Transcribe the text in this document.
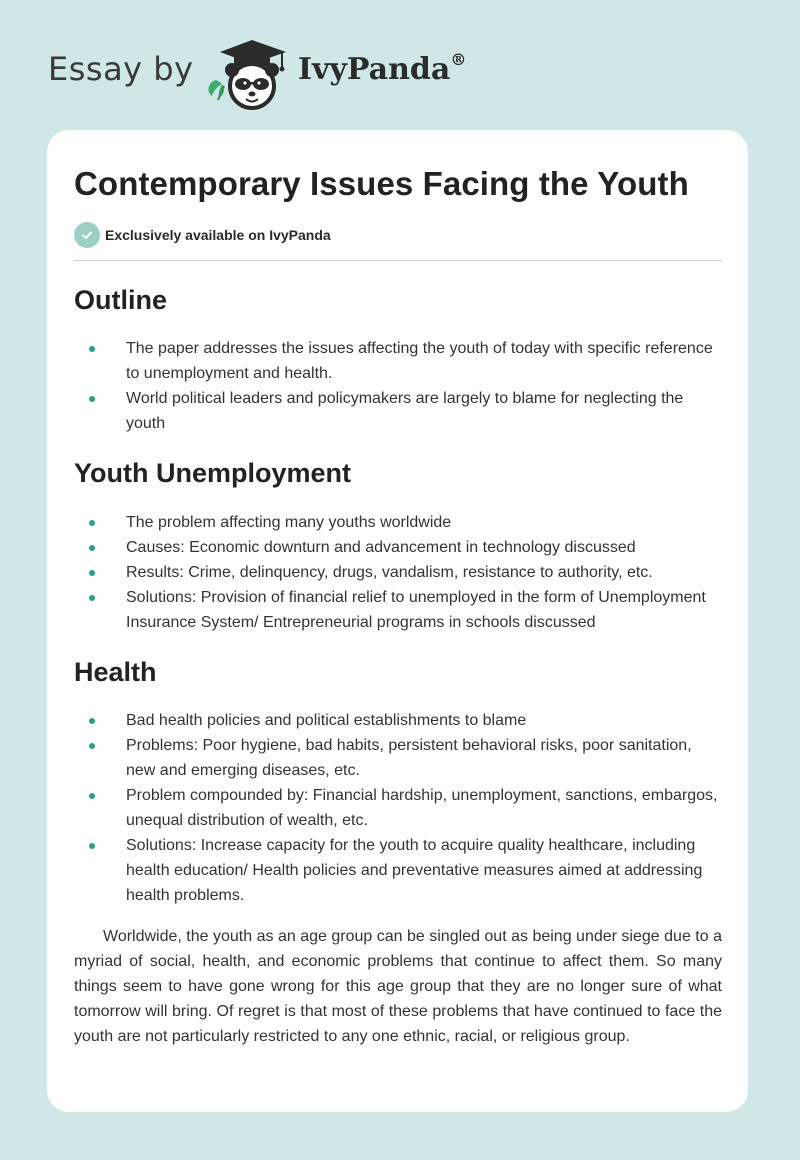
Essay by	IvyPanda®
Contemporary Issues Facing the Youth
Exclusively available on IvyPanda
Outline
The paper addresses the issues affecting the youth of today with specific reference to unemployment and health.
World political leaders and policymakers are largely to blame for neglecting the youth
Youth Unemployment
The problem affecting many youths worldwide
Causes: Economic downturn and advancement in technology discussed
Results: Crime, delinquency, drugs, vandalism, resistance to authority, etc.
Solutions: Provision of financial relief to unemployed in the form of Unemployment Insurance System/ Entrepreneurial programs in schools discussed
Health
Bad health policies and political establishments to blame
Problems: Poor hygiene, bad habits, persistent behavioral risks, poor sanitation, new and emerging diseases, etc.
Problem compounded by: Financial hardship, unemployment, sanctions, embargos, unequal distribution of wealth, etc.
Solutions: Increase capacity for the youth to acquire quality healthcare, including health education/ Health policies and preventative measures aimed at addressing health problems.

Worldwide, the youth as an age group can be singled out as being under siege due to a myriad of social, health, and economic problems that continue to affect them. So many things seem to have gone wrong for this age group that they are no longer sure of what tomorrow will bring. Of regret is that most of these problems that have continued to face the youth are not particularly restricted to any one ethnic, racial, or religious group.
